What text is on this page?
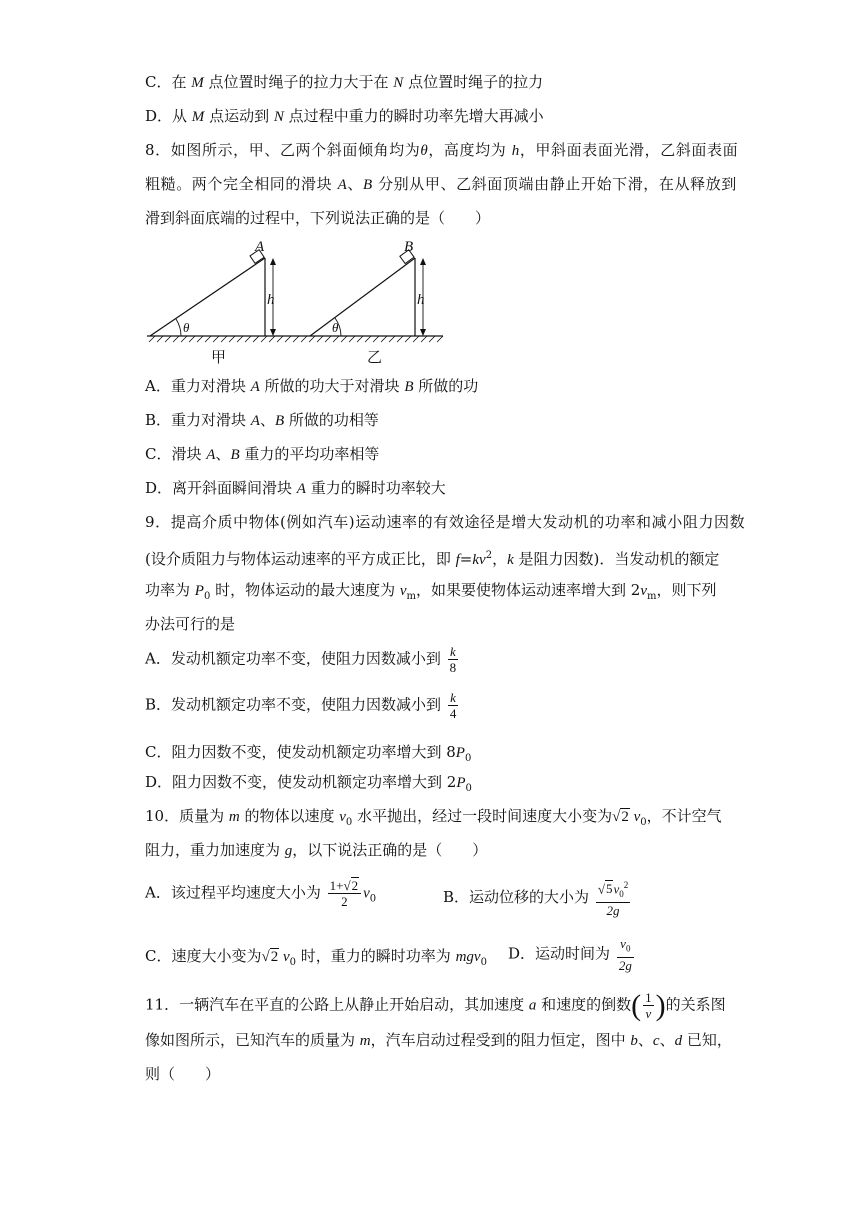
C．在 M 点位置时绳子的拉力大于在 N 点位置时绳子的拉力
D．从 M 点运动到 N 点过程中重力的瞬时功率先增大再减小
8．如图所示，甲、乙两个斜面倾角均为θ，高度均为 h，甲斜面表面光滑，乙斜面表面
粗糙。两个完全相同的滑块 A、B 分别从甲、乙斜面顶端由静止开始下滑，在从释放到
滑到斜面底端的过程中，下列说法正确的是（　　）
A	B
h	h
θ	θ
甲	乙
A．重力对滑块 A 所做的功大于对滑块 B 所做的功
B．重力对滑块 A、B 所做的功相等
C．滑块 A、B 重力的平均功率相等
D．离开斜面瞬间滑块 A 重力的瞬时功率较大
9．提高介质中物体(例如汽车)运动速率的有效途径是增大发动机的功率和减小阻力因数
(设介质阻力与物体运动速率的平方成正比，即 $f=kv^2$，k 是阻力因数)．当发动机的额定
功率为 $P_0$ 时，物体运动的最大速度为 $v_m$，如果要使物体运动速率增大到 $2v_m$，则下列
办法可行的是
A．发动机额定功率不变，使阻力因数减小到 $\frac{k}{8}$
B．发动机额定功率不变，使阻力因数减小到 $\frac{k}{4}$
C．阻力因数不变，使发动机额定功率增大到 $8P_0$
D．阻力因数不变，使发动机额定功率增大到 $2P_0$
10．质量为 m 的物体以速度 $v_0$ 水平抛出，经过一段时间速度大小变为√2 $v_0$，不计空气
阻力，重力加速度为 g，以下说法正确的是（　　）
A．该过程平均速度大小为 $\frac{1+√2}{2} v_0$	B．运动位移的大小为 $\frac{√5v_0^2}{2g}$
C．速度大小变为√2 $v_0$ 时，重力的瞬时功率为 mgv$_0$
D．运动时间为 $\frac{v_0}{2g}$
11．一辆汽车在平直的公路上从静止开始启动，其加速度 a 和速度的倒数( $\frac{1}{v}$ )的关系图
像如图所示，已知汽车的质量为 m，汽车启动过程受到的阻力恒定，图中 b、c、d 已知，
则（　　）
